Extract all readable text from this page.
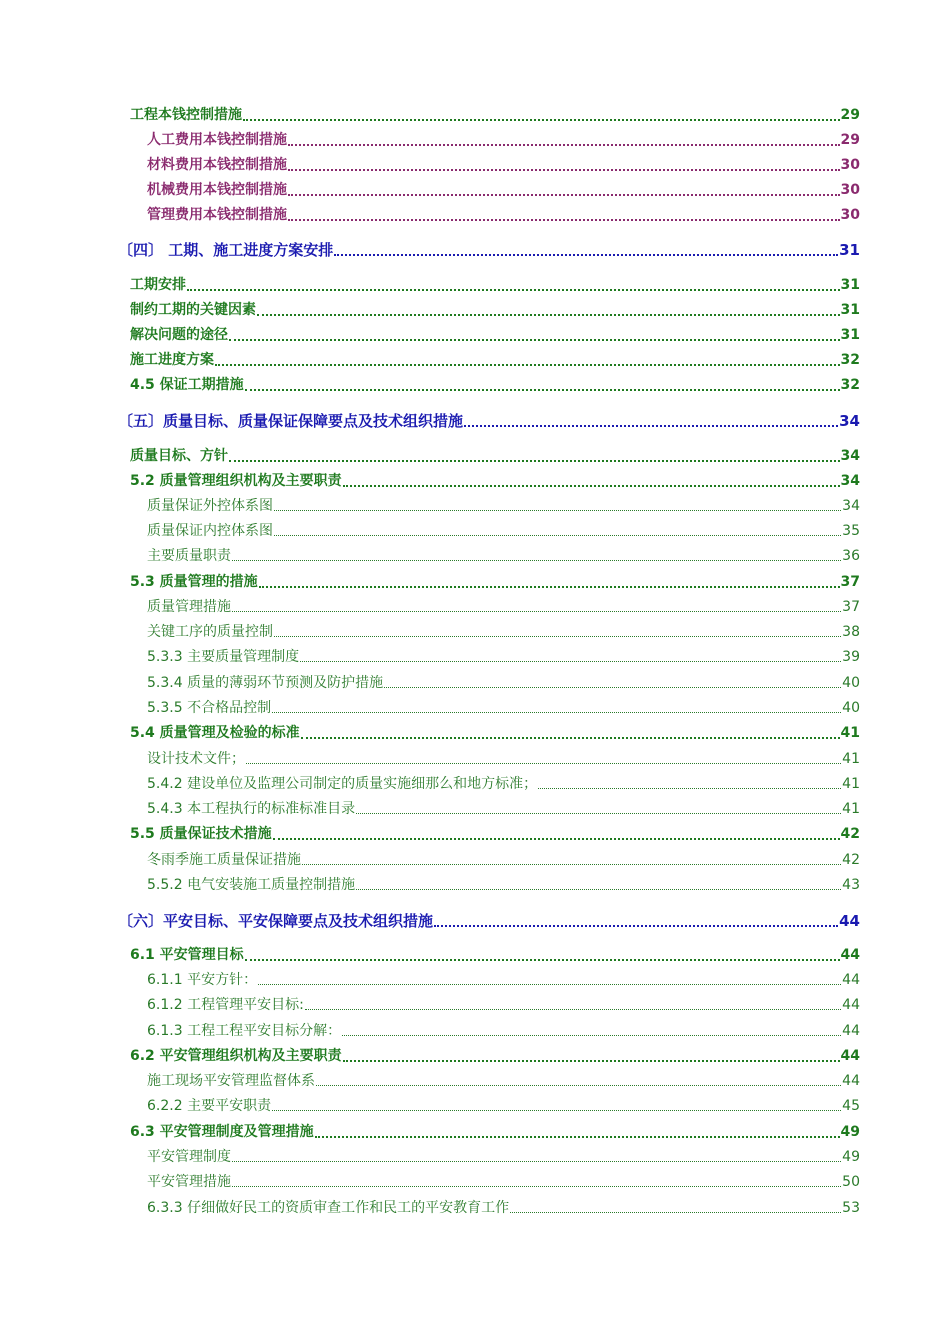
工程本钱控制措施	29
人工费用本钱控制措施	29
材料费用本钱控制措施	30
机械费用本钱控制措施	30
管理费用本钱控制措施	30
〔四〕 工期、施工进度方案安排	31
工期安排	31
制约工期的关键因素	31
解决问题的途径	31
施工进度方案	32
4.5 保证工期措施	32
〔五〕质量目标、质量保证保障要点及技术组织措施	34
质量目标、方针	34
5.2 质量管理组织机构及主要职责	34
质量保证外控体系图	34
质量保证内控体系图	35
主要质量职责	36
5.3 质量管理的措施	37
质量管理措施	37
关键工序的质量控制	38
5.3.3 主要质量管理制度	39
5.3.4 质量的薄弱环节预测及防护措施	40
5.3.5 不合格品控制	40
5.4 质量管理及检验的标准	41
设计技术文件；	41
5.4.2 建设单位及监理公司制定的质量实施细那么和地方标准；	41
5.4.3 本工程执行的标准标准目录	41
5.5 质量保证技术措施	42
冬雨季施工质量保证措施	42
5.5.2 电气安装施工质量控制措施	43
〔六〕平安目标、平安保障要点及技术组织措施	44
6.1 平安管理目标	44
6.1.1 平安方针：	44
6.1.2 工程管理平安目标:	44
6.1.3 工程工程平安目标分解：	44
6.2 平安管理组织机构及主要职责	44
施工现场平安管理监督体系	44
6.2.2 主要平安职责	45
6.3 平安管理制度及管理措施	49
平安管理制度	49
平安管理措施	50
6.3.3 仔细做好民工的资质审查工作和民工的平安教育工作	53
